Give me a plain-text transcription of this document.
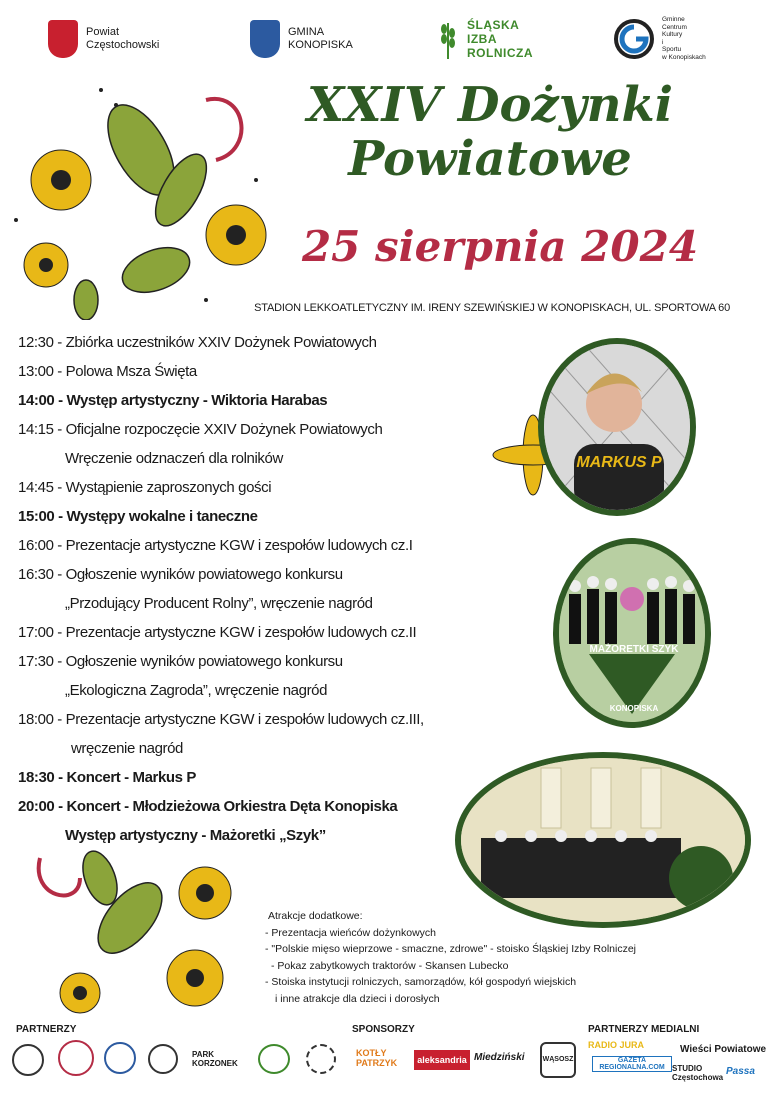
Powiat
Częstochowski
GMINA
KONOPISKA
ŚLĄSKA
IZBA
ROLNICZA
Gminne
Centrum
Kultury
i
Sportu
w Konopiskach
XXIV Dożynki
Powiatowe
25 sierpnia 2024
STADION LEKKOATLETYCZNY IM. IRENY SZEWIŃSKIEJ W KONOPISKACH, UL. SPORTOWA 60
12:30 - Zbiórka uczestników XXIV Dożynek Powiatowych
13:00 - Polowa Msza Święta
14:00 - Występ artystyczny - Wiktoria Harabas
14:15 - Oficjalne rozpoczęcie XXIV Dożynek Powiatowych
Wręczenie odznaczeń dla rolników
14:45 - Wystąpienie zaproszonych gości
15:00 - Występy wokalne i taneczne
16:00 - Prezentacje artystyczne KGW i zespołów ludowych cz.I
16:30 - Ogłoszenie wyników powiatowego konkursu
„Przodujący Producent Rolny”, wręczenie nagród
17:00 - Prezentacje artystyczne KGW i zespołów ludowych cz.II
17:30 - Ogłoszenie wyników powiatowego konkursu
„Ekologiczna Zagroda”, wręczenie nagród
18:00 - Prezentacje artystyczne KGW i zespołów ludowych cz.III,
wręczenie nagród
18:30 - Koncert - Markus P
20:00 - Koncert - Młodzieżowa Orkiestra Dęta Konopiska
Występ artystyczny - Mażoretki „Szyk”
MARKUS P
MAŻORETKI SZYK
KONOPISKA
KONOPISKA
Atrakcje dodatkowe:
- Prezentacja wieńców dożynkowych
- "Polskie mięso wieprzowe - smaczne, zdrowe" - stoisko Śląskiej Izby Rolniczej
- Pokaz zabytkowych traktorów - Skansen Lubecko
- Stoiska instytucji rolniczych, samorządów, kół gospodyń wiejskich
i inne atrakcje dla dzieci i dorosłych
PARTNERZY	SPONSORZY	PARTNERZY MEDIALNI
PARK KORZONEK
KOTŁY PATRZYK	aleksandria Miedziński	WĄSOSZ
RADIO JURA
GAZETA REGIONALNA.COM
Wieści Powiatowe
STUDIO Częstochowa
Passa
